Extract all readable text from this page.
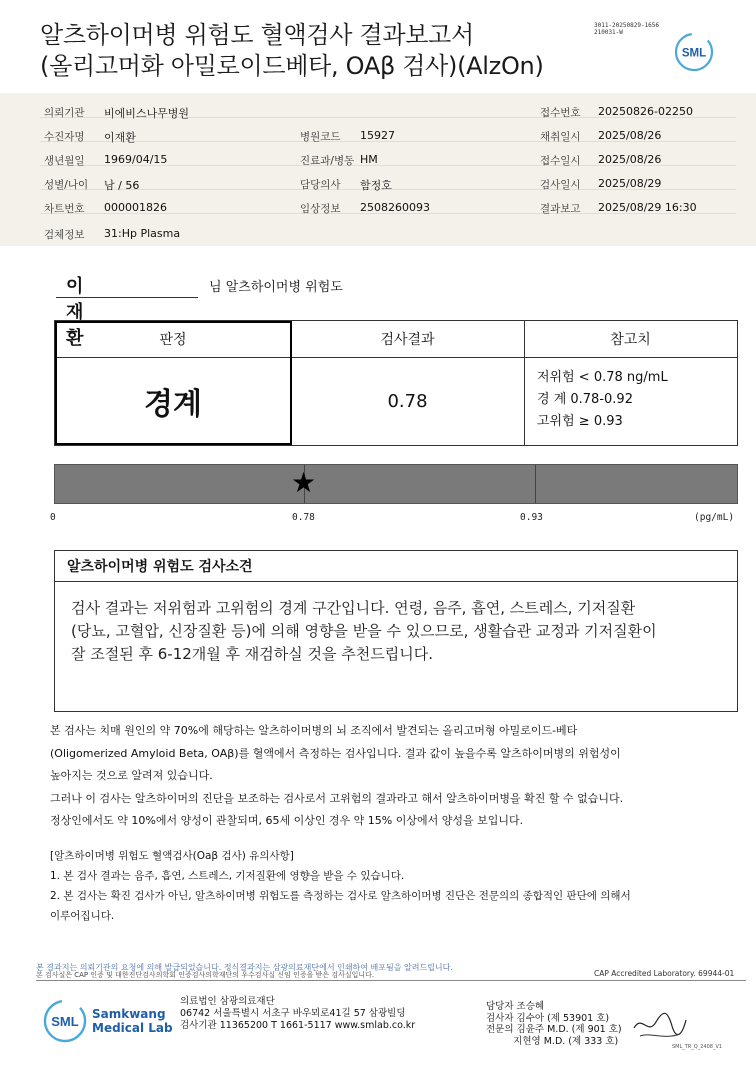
알츠하이머병 위험도 혈액검사 결과보고서
(올리고머화 아밀로이드베타, OAβ 검사)(AlzOn)
3011-20250829-1656
210031-W
SML
의뢰기관 비에비스나무병원	접수번호 20250826-02250
수진자명 이재환	병원코드 15927	채취일시 2025/08/26
생년월일 1969/04/15	진료과/병동 HM	접수일시 2025/08/26
성별/나이 남 / 56	담당의사 함정호	검사일시 2025/08/29
차트번호 000001826	임상정보 2508260093	결과보고 2025/08/29 16:30
검체정보 31:Hp Plasma
이재환
님 알츠하이머병 위험도
판정	검사결과	참고치
경계	0.78
저위험 < 0.78 ng/mL
경 계 0.78-0.92
고위험 ≥ 0.93
★
0	0.78	0.93	(pg/mL)
알츠하이머병 위험도 검사소견
검사 결과는 저위험과 고위험의 경계 구간입니다. 연령, 음주, 흡연, 스트레스, 기저질환
(당뇨, 고혈압, 신장질환 등)에 의해 영향을 받을 수 있으므로, 생활습관 교정과 기저질환이
잘 조절된 후 6-12개월 후 재검하실 것을 추천드립니다.
본 검사는 치매 원인의 약 70%에 해당하는 알츠하이머병의 뇌 조직에서 발견되는 올리고머형 아밀로이드-베타
(Oligomerized Amyloid Beta, OAβ)를 혈액에서 측정하는 검사입니다. 결과 값이 높을수록 알츠하이머병의 위험성이
높아지는 것으로 알려져 있습니다.
그러나 이 검사는 알츠하이머의 진단을 보조하는 검사로서 고위험의 결과라고 해서 알츠하이머병을 확진 할 수 없습니다.
정상인에서도 약 10%에서 양성이 관찰되며, 65세 이상인 경우 약 15% 이상에서 양성을 보입니다.
[알츠하이머병 위험도 혈액검사(Oaβ 검사) 유의사항]
1. 본 검사 결과는 음주, 흡연, 스트레스, 기저질환에 영향을 받을 수 있습니다.
2. 본 검사는 확진 검사가 아닌, 알츠하이머병 위험도를 측정하는 검사로 알츠하이머병 진단은 전문의의 종합적인 판단에 의해서
이루어집니다.
본 결과지는 의뢰기관의 요청에 의해 발급되었습니다. 정식결과지는 삼광의료재단에서 인쇄하여 배포됨을 알려드립니다.
본 검사실은 CAP 인증 및 대한진단검사의학회 인증검사의학재단의 우수검사실 신임 인증을 받은 검사실입니다.	CAP Accredited Laboratory. 69944-01
SML Samkwang
Medical Lab
의료법인 삼광의료재단
06742 서울특별시 서초구 바우뫼로41길 57 삼광빌딩
검사기관 11365200 T 1661-5117 www.smlab.co.kr
담당자 조승혜
검사자 김수아 (제 53901 호)
전문의 김윤주 M.D. (제 901 호)
지현영 M.D. (제 333 호)
SML_TR_Q_2408_V1
